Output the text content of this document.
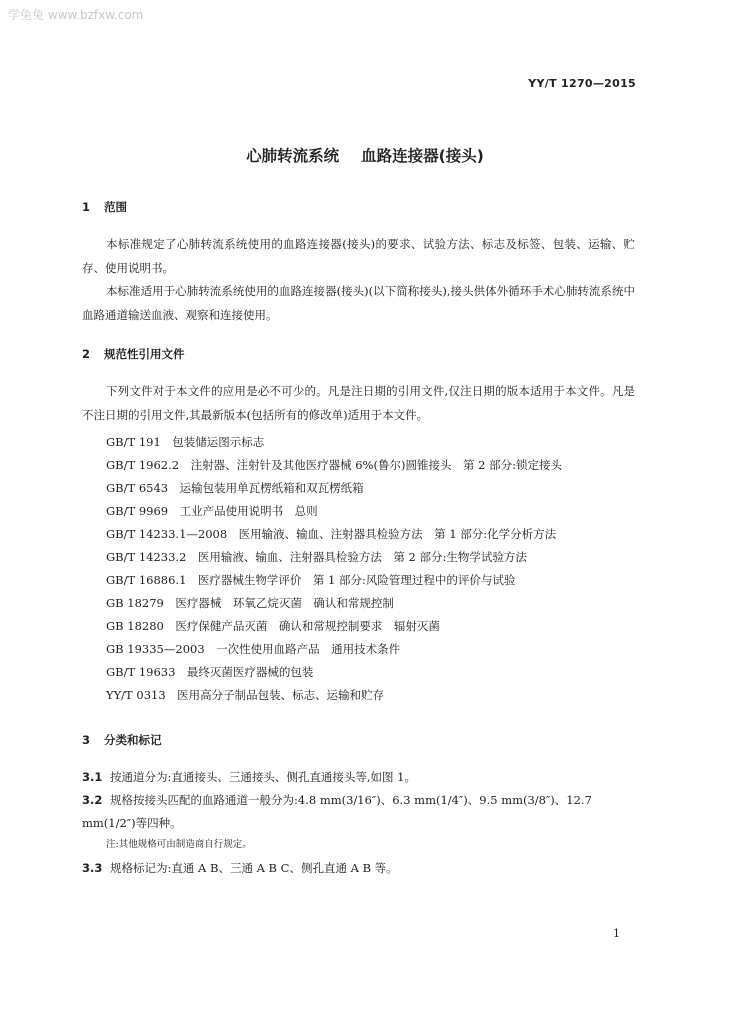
学兔兔 www.bzfxw.com
YY/T 1270—2015
心肺转流系统 血路连接器(接头)
1 范围

本标准规定了心肺转流系统使用的血路连接器(接头)的要求、试验方法、标志及标签、包装、运输、贮存、使用说明书。

本标准适用于心肺转流系统使用的血路连接器(接头)(以下简称接头),接头供体外循环手术心肺转流系统中血路通道输送血液、观察和连接使用。

2 规范性引用文件

下列文件对于本文件的应用是必不可少的。凡是注日期的引用文件,仅注日期的版本适用于本文件。凡是不注日期的引用文件,其最新版本(包括所有的修改单)适用于本文件。

GB/T 191　包装储运图示标志

GB/T 1962.2　注射器、注射针及其他医疗器械 6%(鲁尔)圆锥接头　第 2 部分:锁定接头

GB/T 6543　运输包装用单瓦楞纸箱和双瓦楞纸箱

GB/T 9969　工业产品使用说明书　总则

GB/T 14233.1—2008　医用输液、输血、注射器具检验方法　第 1 部分:化学分析方法

GB/T 14233.2　医用输液、输血、注射器具检验方法　第 2 部分:生物学试验方法

GB/T 16886.1　医疗器械生物学评价　第 1 部分:风险管理过程中的评价与试验

GB 18279　医疗器械　环氧乙烷灭菌　确认和常规控制

GB 18280　医疗保健产品灭菌　确认和常规控制要求　辐射灭菌

GB 19335—2003　一次性使用血路产品　通用技术条件

GB/T 19633　最终灭菌医疗器械的包装

YY/T 0313　医用高分子制品包装、标志、运输和贮存

3 分类和标记

3.1 按通道分为:直通接头、三通接头、侧孔直通接头等,如图 1。

3.2 规格按接头匹配的血路通道一般分为:4.8 mm(3/16″)、6.3 mm(1/4″)、9.5 mm(3/8″)、12.7 mm(1/2″)等四种。

注:其他规格可由制造商自行规定。

3.3 规格标记为:直通 A B、三通 A B C、侧孔直通 A B 等。

1
